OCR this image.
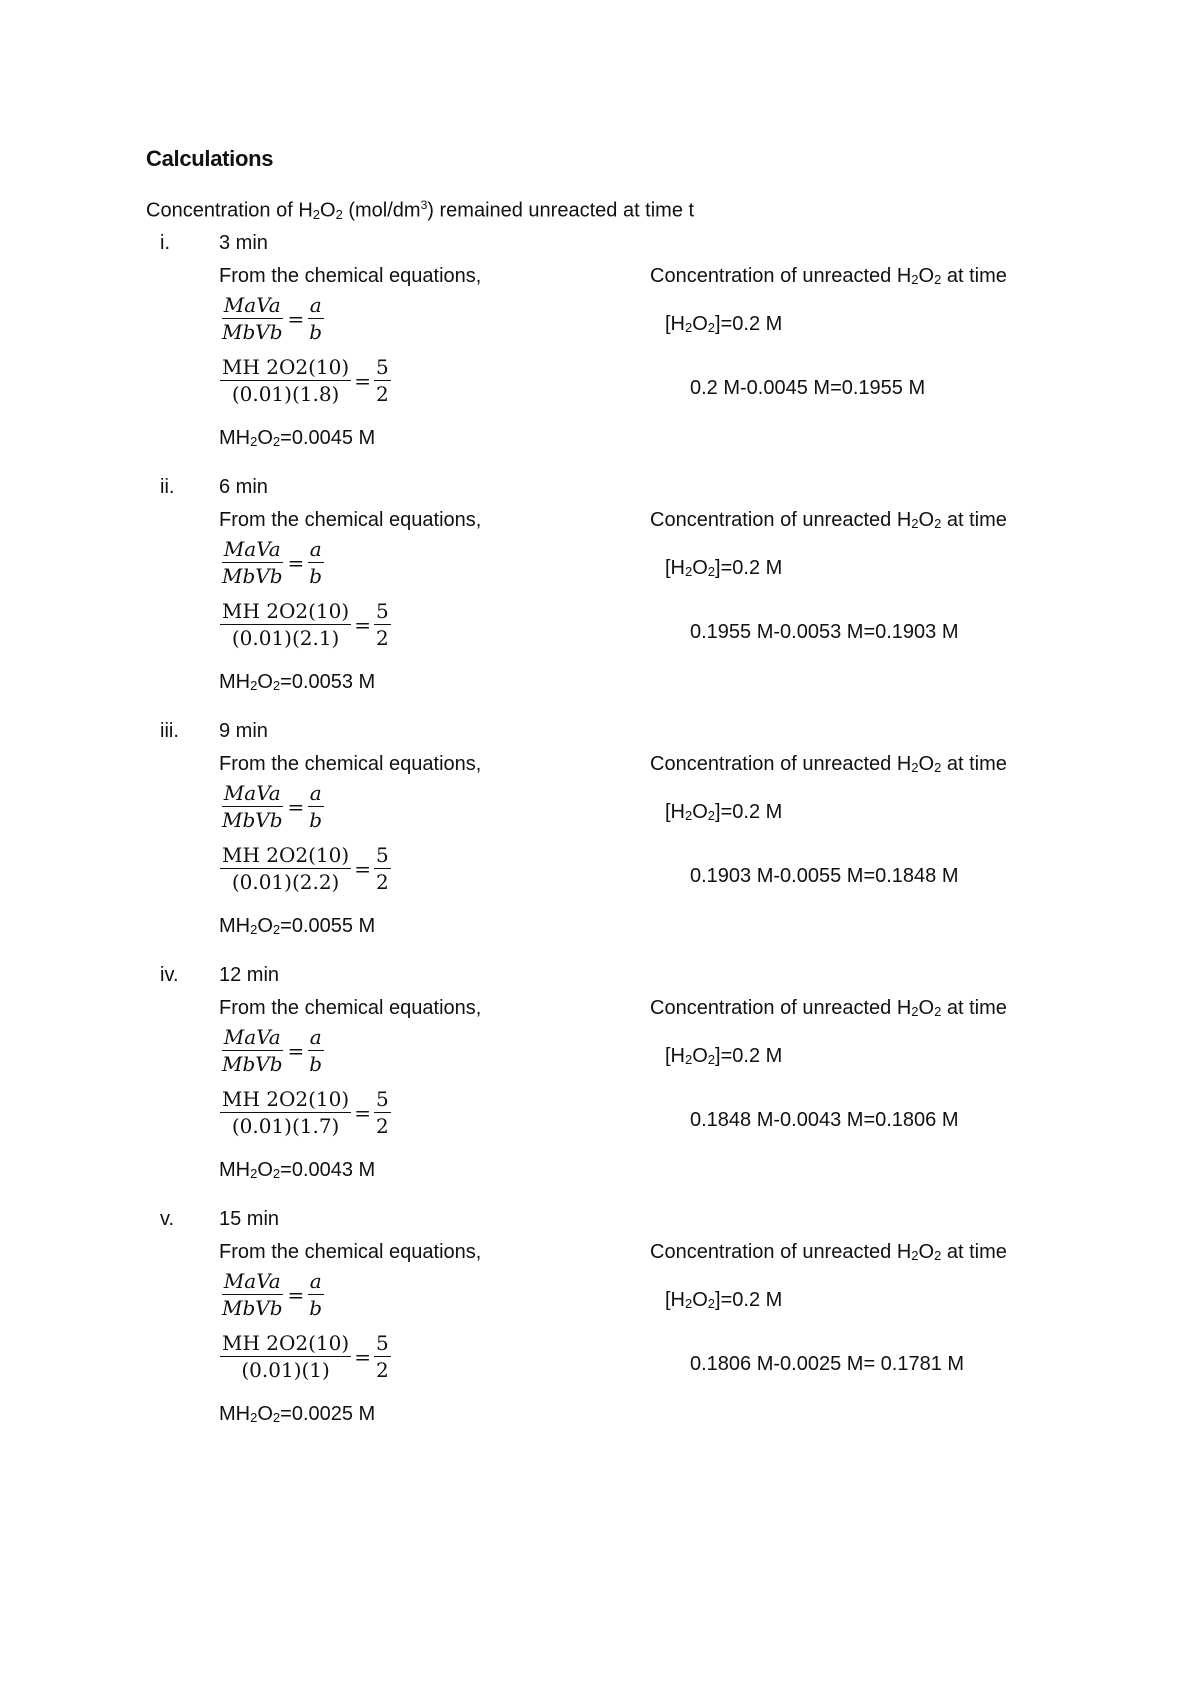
Calculations
Concentration of H2O2 $(mol/dm^3)$ remained unreacted at time t
i. 3 min
From the chemical equations,
$\frac{\text{MaVa}}{\text{MbVb}} = \frac{a}{b}$
$\frac{MH 2O2(10)}{(0.01)(1.8)} = \frac{5}{2}$
MH2O2=0.0045 M
Concentration of unreacted H2O2 at time
[H2O2]=0.2 M
0.2 M-0.0045 M=0.1955 M
ii. 6 min
From the chemical equations,
$\frac{\text{MaVa}}{\text{MbVb}} = \frac{a}{b}$
$\frac{MH 2O2(10)}{(0.01)(2.1)} = \frac{5}{2}$
MH2O2=0.0053 M
Concentration of unreacted H2O2 at time
[H2O2]=0.2 M
0.1955 M-0.0053 M=0.1903 M
iii. 9 min
From the chemical equations,
$\frac{\text{MaVa}}{\text{MbVb}} = \frac{a}{b}$
$\frac{MH 2O2(10)}{(0.01)(2.2)} = \frac{5}{2}$
MH2O2=0.0055 M
Concentration of unreacted H2O2 at time
[H2O2]=0.2 M
0.1903 M-0.0055 M=0.1848 M
iv. 12 min
From the chemical equations,
$\frac{\text{MaVa}}{\text{MbVb}} = \frac{a}{b}$
$\frac{MH 2O2(10)}{(0.01)(1.7)} = \frac{5}{2}$
MH2O2=0.0043 M
Concentration of unreacted H2O2 at time
[H2O2]=0.2 M
0.1848 M-0.0043 M=0.1806 M
v. 15 min
From the chemical equations,
$\frac{\text{MaVa}}{\text{MbVb}} = \frac{a}{b}$
$\frac{MH 2O2(10)}{(0.01)(1)} = \frac{5}{2}$
MH2O2=0.0025 M
Concentration of unreacted H2O2 at time
[H2O2]=0.2 M
0.1806 M-0.0025 M= 0.1781 M
